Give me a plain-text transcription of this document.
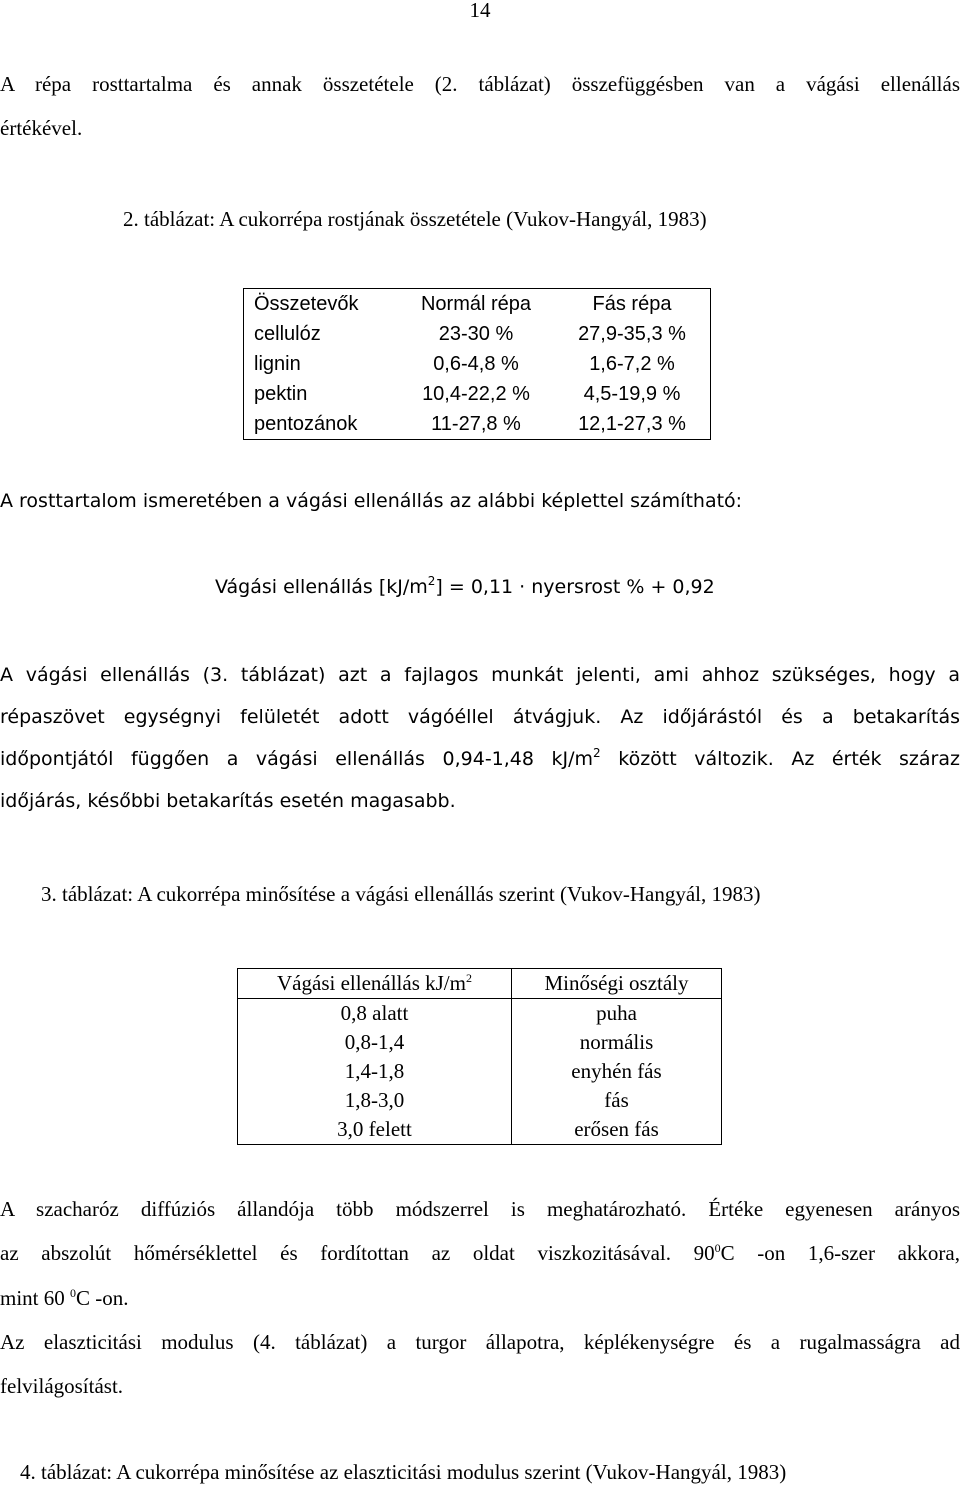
14
A répa rosttartalma és annak összetétele (2. táblázat) összefüggésben van a vágási ellenállás
értékével.
2. táblázat: A cukorrépa rostjának összetétele (Vukov-Hangyál, 1983)
Összetevők	Normál répa	Fás répa
cellulóz	23-30 %	27,9-35,3 %
lignin	0,6-4,8 %	1,6-7,2 %
pektin	10,4-22,2 %	4,5-19,9 %
pentozánok	11-27,8 %	12,1-27,3 %
A rosttartalom ismeretében a vágási ellenállás az alábbi képlettel számítható:
Vágási ellenállás $[kJ/m^2] = 0,11$ · nyersrost % + 0,92
A vágási ellenállás (3. táblázat) azt a fajlagos munkát jelenti, ami ahhoz szükséges, hogy a
répaszövet egységnyi felületét adott vágóéllel átvágjuk. Az időjárástól és a betakarítás
időpontjától függően a vágási ellenállás 0,94-1,48 $kJ/m^2$ között változik. Az érték száraz
időjárás, későbbi betakarítás esetén magasabb.
3. táblázat: A cukorrépa minősítése a vágási ellenállás szerint (Vukov-Hangyál, 1983)
Vágási ellenállás $kJ/m^2$	Minőségi osztály
0,8 alatt	puha
0,8-1,4	normális
1,4-1,8	enyhén fás
1,8-3,0	fás
3,0 felett	erősen fás
A szacharóz diffúziós állandója több módszerrel is meghatározható. Értéke egyenesen arányos
az abszolút hőmérséklettel és fordítottan az oldat viszkozitásával. $90^0C$ -on 1,6-szer akkora,
mint 60 $^0$C -on.
Az elaszticitási modulus (4. táblázat) a turgor állapotra, képlékenységre és a rugalmasságra ad
felvilágosítást.
4. táblázat: A cukorrépa minősítése az elaszticitási modulus szerint (Vukov-Hangyál, 1983)
